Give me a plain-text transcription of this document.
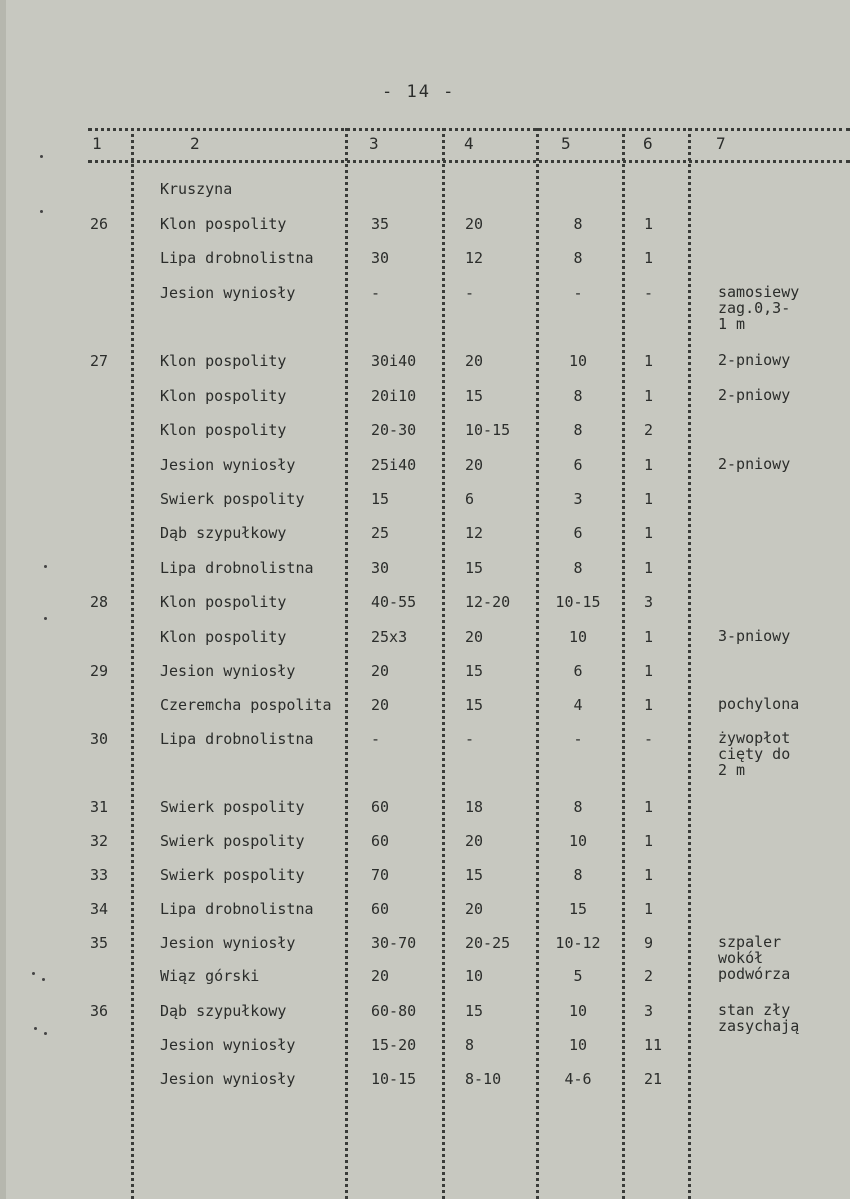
- 14 -
1	2	3	4	5	6	7
Kruszyna
26	Klon pospolity	35	20	8	1
Lipa drobnolistna	30	12	8	1
Jesion wyniosły	-	-	-	-	samosiewy
zag.0,3-
1 m
27	Klon pospolity	30i40	20	10	1	2-pniowy
Klon pospolity	20i10	15	8	1	2-pniowy
Klon pospolity	20-30	10-15	8	2
Jesion wyniosły	25i40	20	6	1	2-pniowy
Swierk pospolity	15	6	3	1
Dąb szypułkowy	25	12	6	1
Lipa drobnolistna	30	15	8	1
28	Klon pospolity	40-55	12-20	10-15	3
Klon pospolity	25x3	20	10	1	3-pniowy
29	Jesion wyniosły	20	15	6	1
Czeremcha pospolita	20	15	4	1	pochylona
30	Lipa drobnolistna	-	-	-	-	żywopłot
cięty do
2 m
31	Swierk pospolity	60	18	8	1
32	Swierk pospolity	60	20	10	1
33	Swierk pospolity	70	15	8	1
34	Lipa drobnolistna	60	20	15	1
35	Jesion wyniosły	30-70	20-25	10-12	9	szpaler
wokół
podwórza
Wiąz górski	20	10	5	2
36	Dąb szypułkowy	60-80	15	10	3	stan zły
zasychają
Jesion wyniosły	15-20	8	10	11
Jesion wyniosły	10-15	8-10	4-6	21
